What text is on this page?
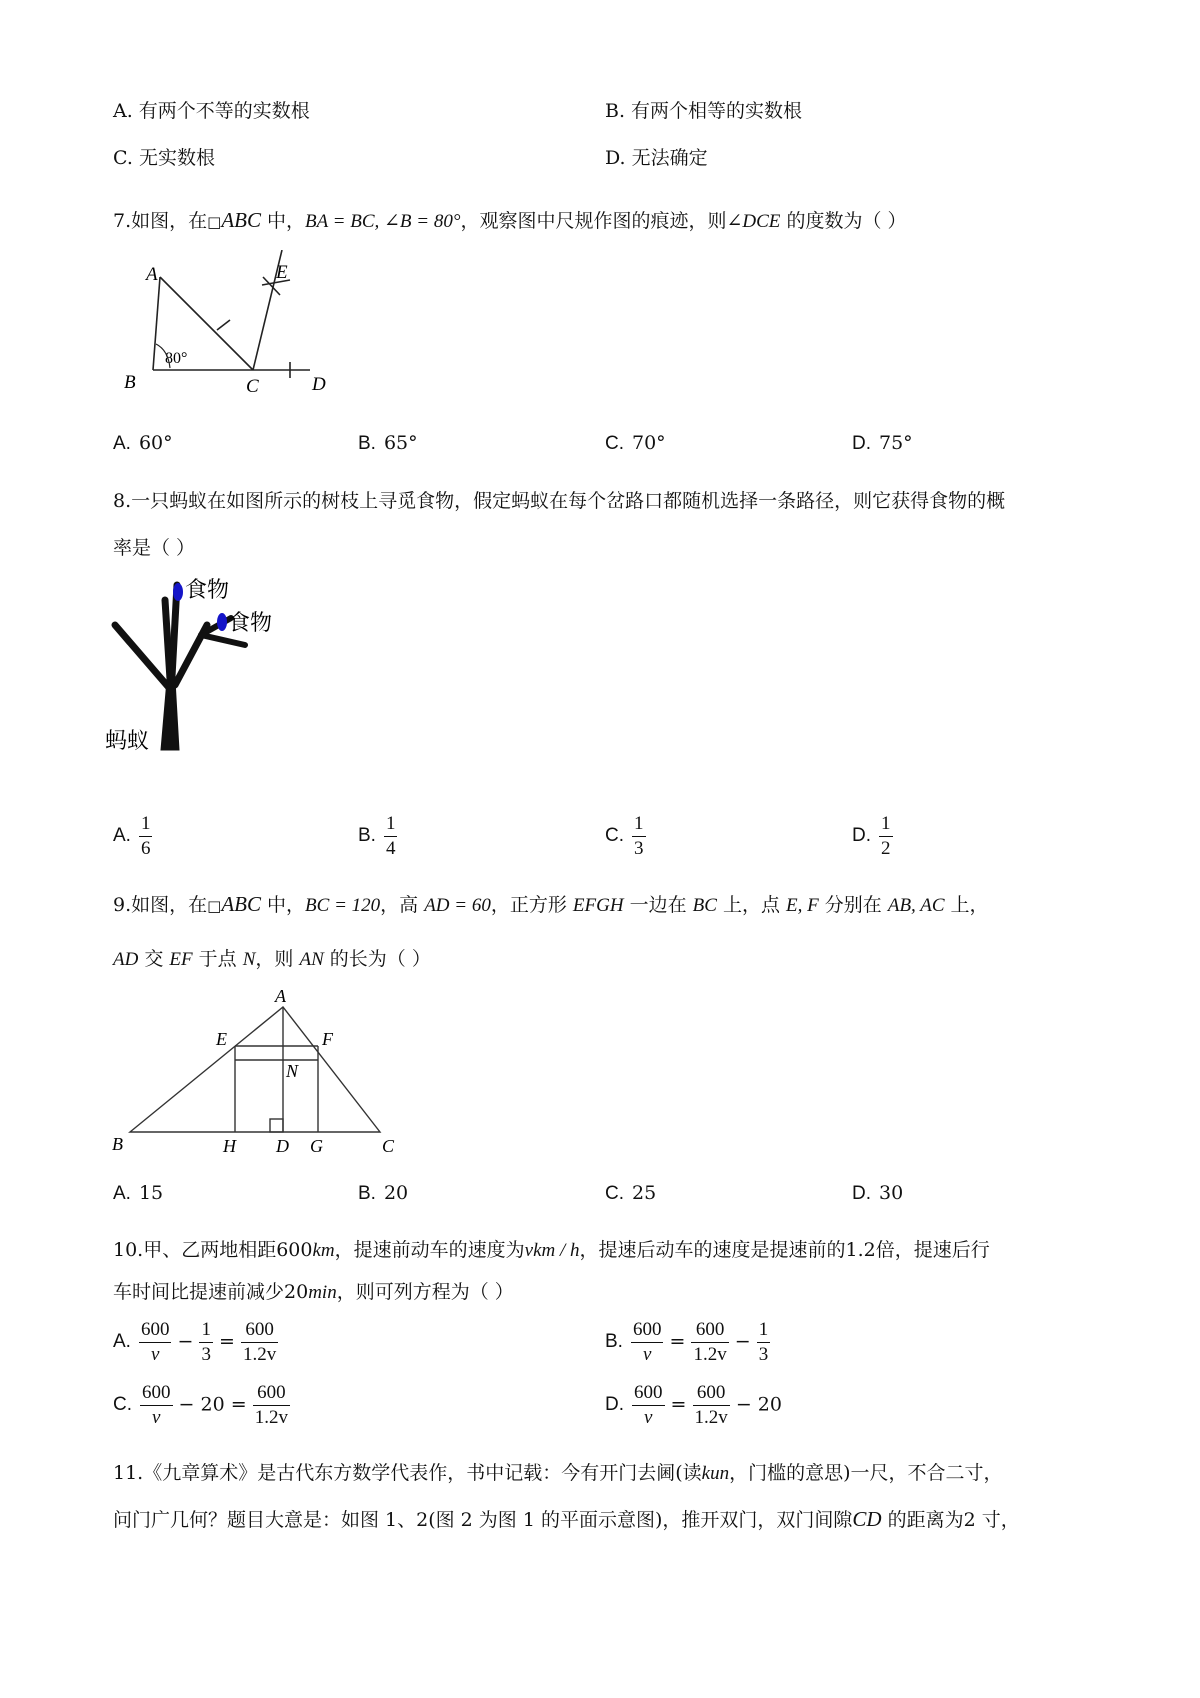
A. 有两个不等的实数根	B. 有两个相等的实数根
C. 无实数根	D. 无法确定
7.如图，在□ABC 中，BA = BC, ∠B = 80°，观察图中尺规作图的痕迹，则∠DCE 的度数为（ ）
A
B	C	D
E
80°
A. 60°	B. 65°	C. 70°	D. 75°
8.一只蚂蚁在如图所示的树枝上寻觅食物，假定蚂蚁在每个岔路口都随机选择一条路径，则它获得食物的概
率是（ ）
食物
食物
蚂蚁
A. $\frac{1}{6}$	B. $\frac{1}{4}$	C. $\frac{1}{3}$	D. $\frac{1}{2}$
9.如图，在□ABC 中，BC = 120，高 AD = 60，正方形 EFGH 一边在 BC 上，点 E, F 分别在 AB, AC 上，
AD 交 EF 于点 N，则 AN 的长为（ ）
A
B	C
D
E	F
G
H
N
A. 15	B. 20	C. 25	D. 30
10.甲、乙两地相距600km，提速前动车的速度为vkm / h，提速后动车的速度是提速前的1.2倍，提速后行
车时间比提速前减少20min，则可列方程为（ ）
A. $\frac{600}{v} - \frac{1}{3} = \frac{600}{1.2v}$	B. $\frac{600}{v} = \frac{600}{1.2v} - \frac{1}{3}$
C. $\frac{600}{v} - 20 = \frac{600}{1.2v}$	D. $\frac{600}{v} = \frac{600}{1.2v} - 20$
11.《九章算术》是古代东方数学代表作，书中记载：今有开门去阃(读kun，门槛的意思)一尺，不合二寸，
问门广几何？题目大意是：如图 1、2(图 2 为图 1 的平面示意图)，推开双门，双门间隙CD 的距离为2 寸，
